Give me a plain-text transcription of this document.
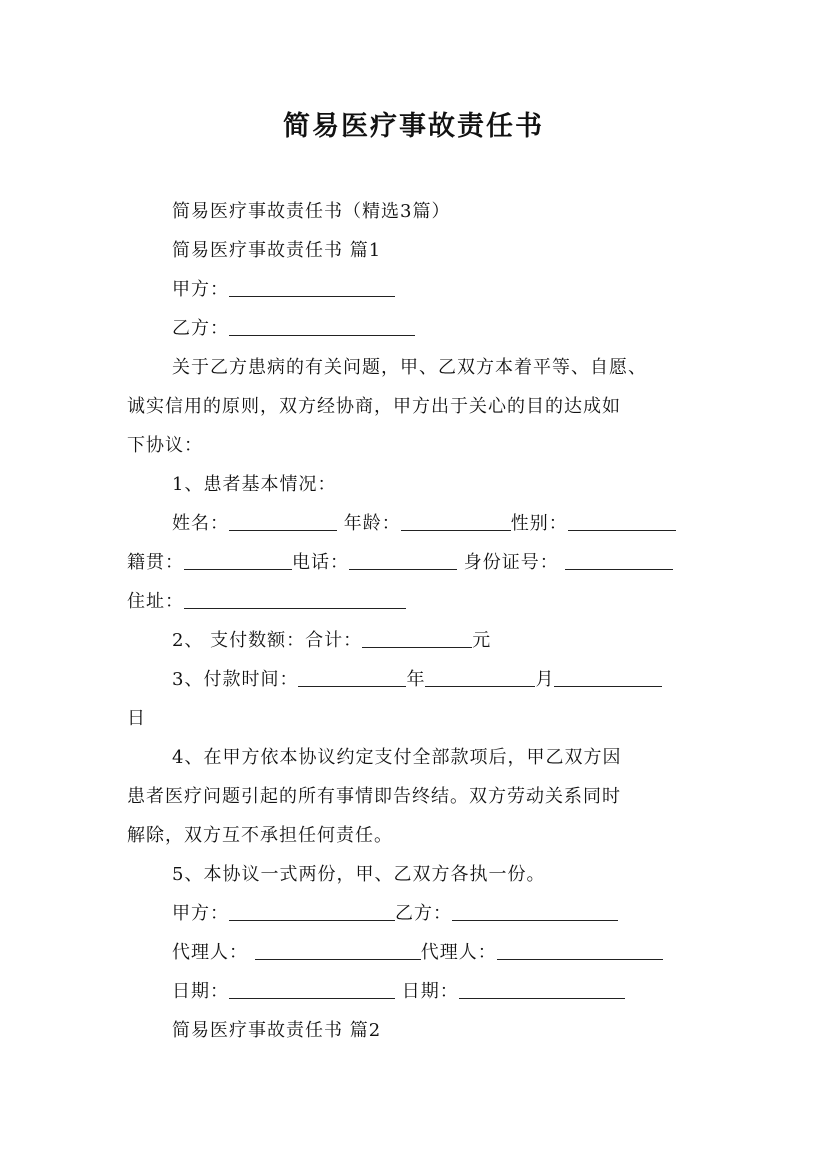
简易医疗事故责任书
简易医疗事故责任书（精选3篇）
简易医疗事故责任书 篇1
甲方：
乙方：
关于乙方患病的有关问题，甲、乙双方本着平等、自愿、
诚实信用的原则，双方经协商，甲方出于关心的目的达成如
下协议：
1、患者基本情况：
姓名：	年龄：	性别：
籍贯：	电话：	身份证号：
住址：
2、 支付数额：合计：	元
3、付款时间：	年	月
日
4、在甲方依本协议约定支付全部款项后，甲乙双方因
患者医疗问题引起的所有事情即告终结。双方劳动关系同时
解除，双方互不承担任何责任。
5、本协议一式两份，甲、乙双方各执一份。
甲方：	乙方：
代理人：	代理人：
日期：	日期：
简易医疗事故责任书 篇2
